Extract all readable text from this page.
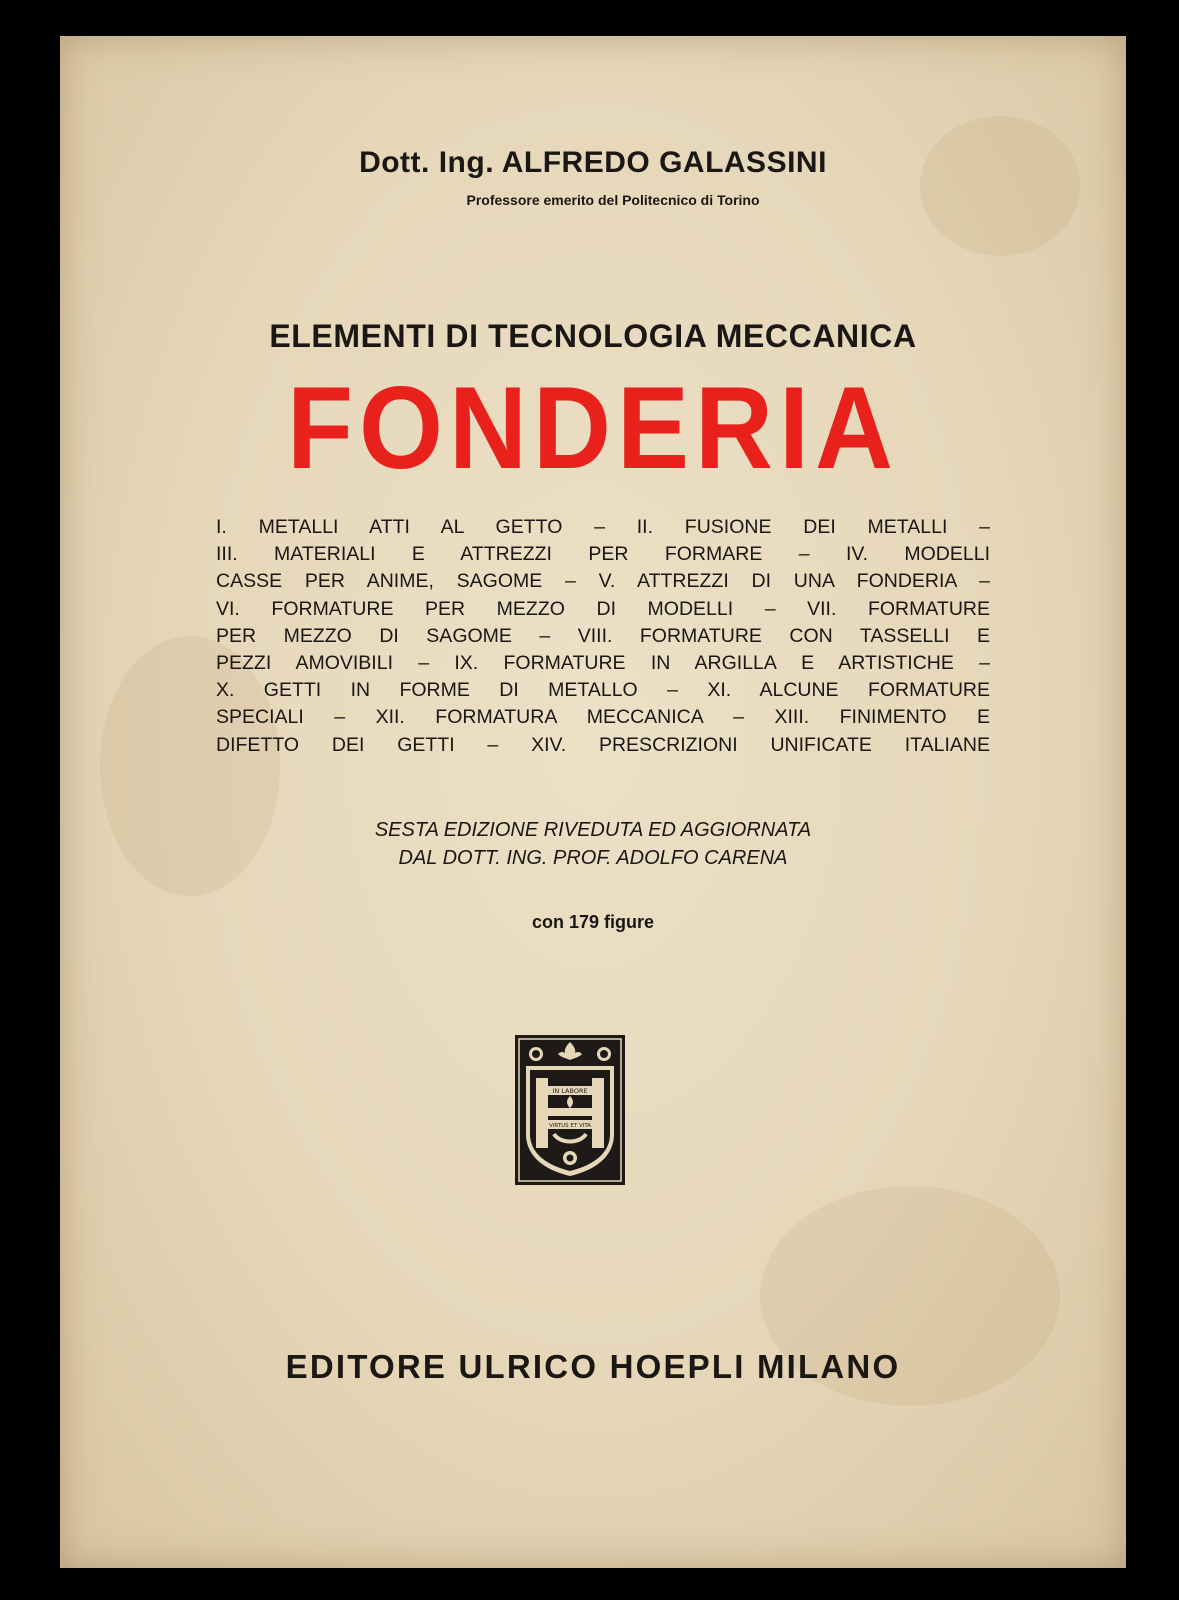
Dott. Ing. ALFREDO GALASSINI
Professore emerito del Politecnico di Torino
ELEMENTI DI TECNOLOGIA MECCANICA
FONDERIA
I. METALLI ATTI AL GETTO – II. FUSIONE DEI METALLI –
III. MATERIALI E ATTREZZI PER FORMARE – IV. MODELLI
CASSE PER ANIME, SAGOME – V. ATTREZZI DI UNA FONDERIA –
VI. FORMATURE PER MEZZO DI MODELLI – VII. FORMATURE
PER MEZZO DI SAGOME – VIII. FORMATURE CON TASSELLI E
PEZZI AMOVIBILI – IX. FORMATURE IN ARGILLA E ARTISTICHE –
X. GETTI IN FORME DI METALLO – XI. ALCUNE FORMATURE
SPECIALI – XII. FORMATURA MECCANICA – XIII. FINIMENTO E
DIFETTO DEI GETTI – XIV. PRESCRIZIONI UNIFICATE ITALIANE
SESTA EDIZIONE RIVEDUTA ED AGGIORNATA
DAL DOTT. ING. PROF. ADOLFO CARENA
con 179 figure
IN LABORE
VIRTUS ET VITA
EDITORE ULRICO HOEPLI MILANO
